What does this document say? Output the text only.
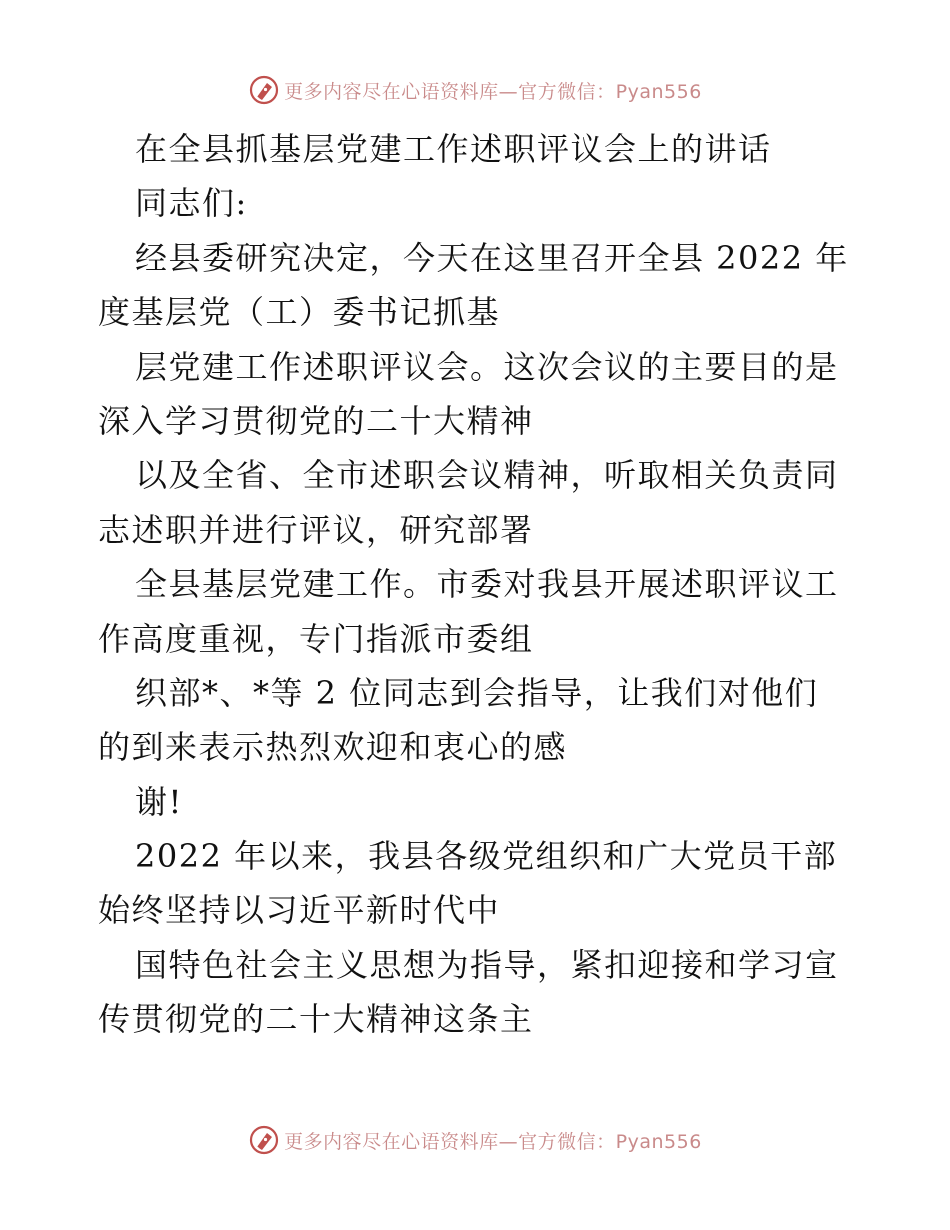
更多内容尽在心语资料库—官方微信：Pyan556
在全县抓基层党建工作述职评议会上的讲话
同志们:
经县委研究决定，今天在这里召开全县 2022 年
度基层党（工）委书记抓基
层党建工作述职评议会。这次会议的主要目的是
深入学习贯彻党的二十大精神
以及全省、全市述职会议精神，听取相关负责同
志述职并进行评议，研究部署
全县基层党建工作。市委对我县开展述职评议工
作高度重视，专门指派市委组
织部*、*等 2 位同志到会指导，让我们对他们
的到来表示热烈欢迎和衷心的感
谢!
2022 年以来，我县各级党组织和广大党员干部
始终坚持以习近平新时代中
国特色社会主义思想为指导，紧扣迎接和学习宣
传贯彻党的二十大精神这条主
更多内容尽在心语资料库—官方微信：Pyan556
